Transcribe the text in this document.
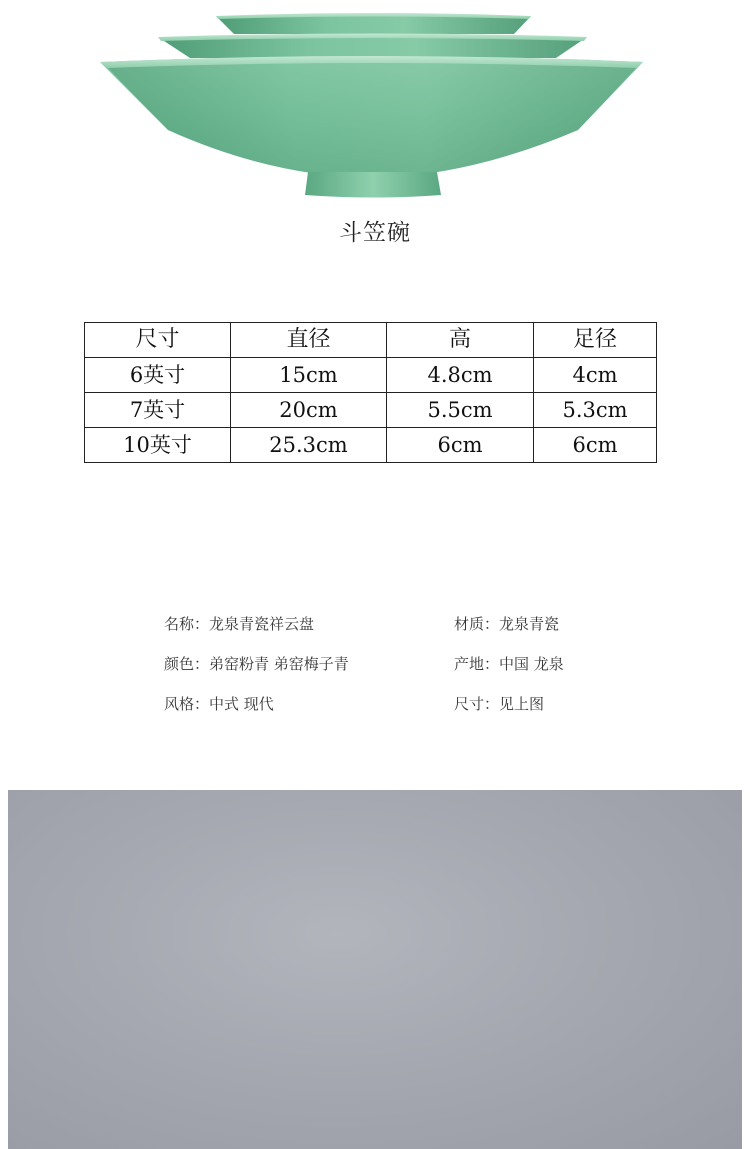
斗笠碗
尺寸	直径	高	足径
6英寸	15cm	4.8cm	4cm
7英寸	20cm	5.5cm	5.3cm
10英寸	25.3cm	6cm	6cm
名称：龙泉青瓷祥云盘	材质：龙泉青瓷
颜色：弟窑粉青 弟窑梅子青	产地：中国 龙泉
风格：中式 现代	尺寸：见上图
